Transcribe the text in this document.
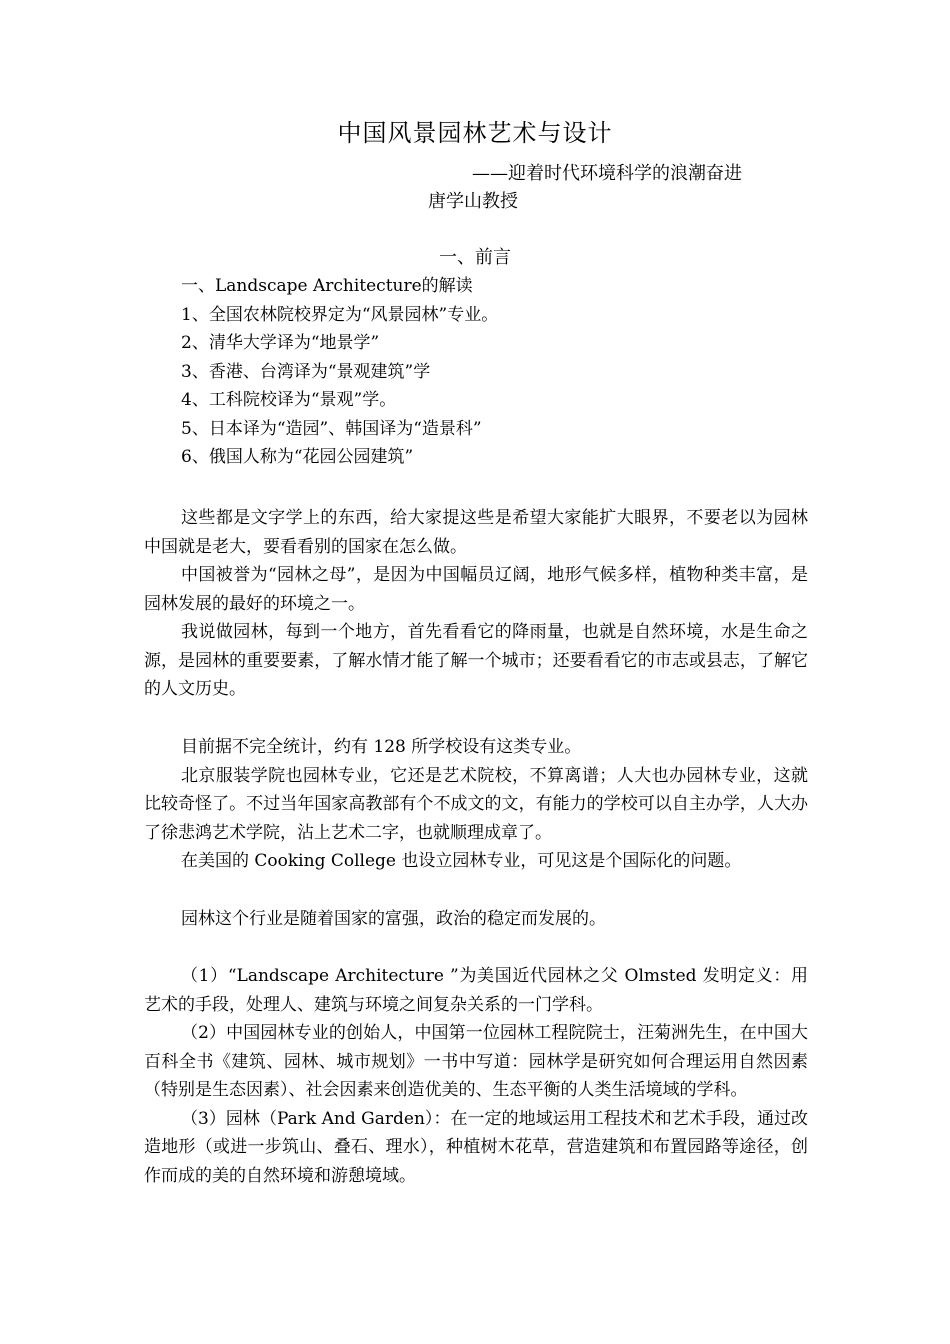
中国风景园林艺术与设计
——迎着时代环境科学的浪潮奋进
唐学山教授
一、前言

一、Landscape Architecture的解读

1、全国农林院校界定为“风景园林”专业。

2、清华大学译为“地景学”

3、香港、台湾译为“景观建筑”学

4、工科院校译为“景观”学。

5、日本译为“造园”、韩国译为“造景科”

6、俄国人称为“花园公园建筑”

这些都是文字学上的东西，给大家提这些是希望大家能扩大眼界，不要老以为园林中国就是老大，要看看别的国家在怎么做。

中国被誉为“园林之母”，是因为中国幅员辽阔，地形气候多样，植物种类丰富，是园林发展的最好的环境之一。

我说做园林，每到一个地方，首先看看它的降雨量，也就是自然环境，水是生命之源，是园林的重要要素，了解水情才能了解一个城市；还要看看它的市志或县志，了解它的人文历史。

目前据不完全统计，约有 128 所学校设有这类专业。

北京服装学院也园林专业，它还是艺术院校，不算离谱；人大也办园林专业，这就比较奇怪了。不过当年国家高教部有个不成文的文，有能力的学校可以自主办学，人大办了徐悲鸿艺术学院，沾上艺术二字，也就顺理成章了。

在美国的 Cooking College 也设立园林专业，可见这是个国际化的问题。

园林这个行业是随着国家的富强，政治的稳定而发展的。

（1）“Landscape Architecture ”为美国近代园林之父 Olmsted 发明定义：用艺术的手段，处理人、建筑与环境之间复杂关系的一门学科。

（2）中国园林专业的创始人，中国第一位园林工程院院士，汪菊洲先生，在中国大百科全书《建筑、园林、城市规划》一书中写道：园林学是研究如何合理运用自然因素（特别是生态因素）、社会因素来创造优美的、生态平衡的人类生活境域的学科。

（3）园林（Park And Garden）：在一定的地域运用工程技术和艺术手段，通过改造地形（或进一步筑山、叠石、理水），种植树木花草，营造建筑和布置园路等途径，创作而成的美的自然环境和游憩境域。
